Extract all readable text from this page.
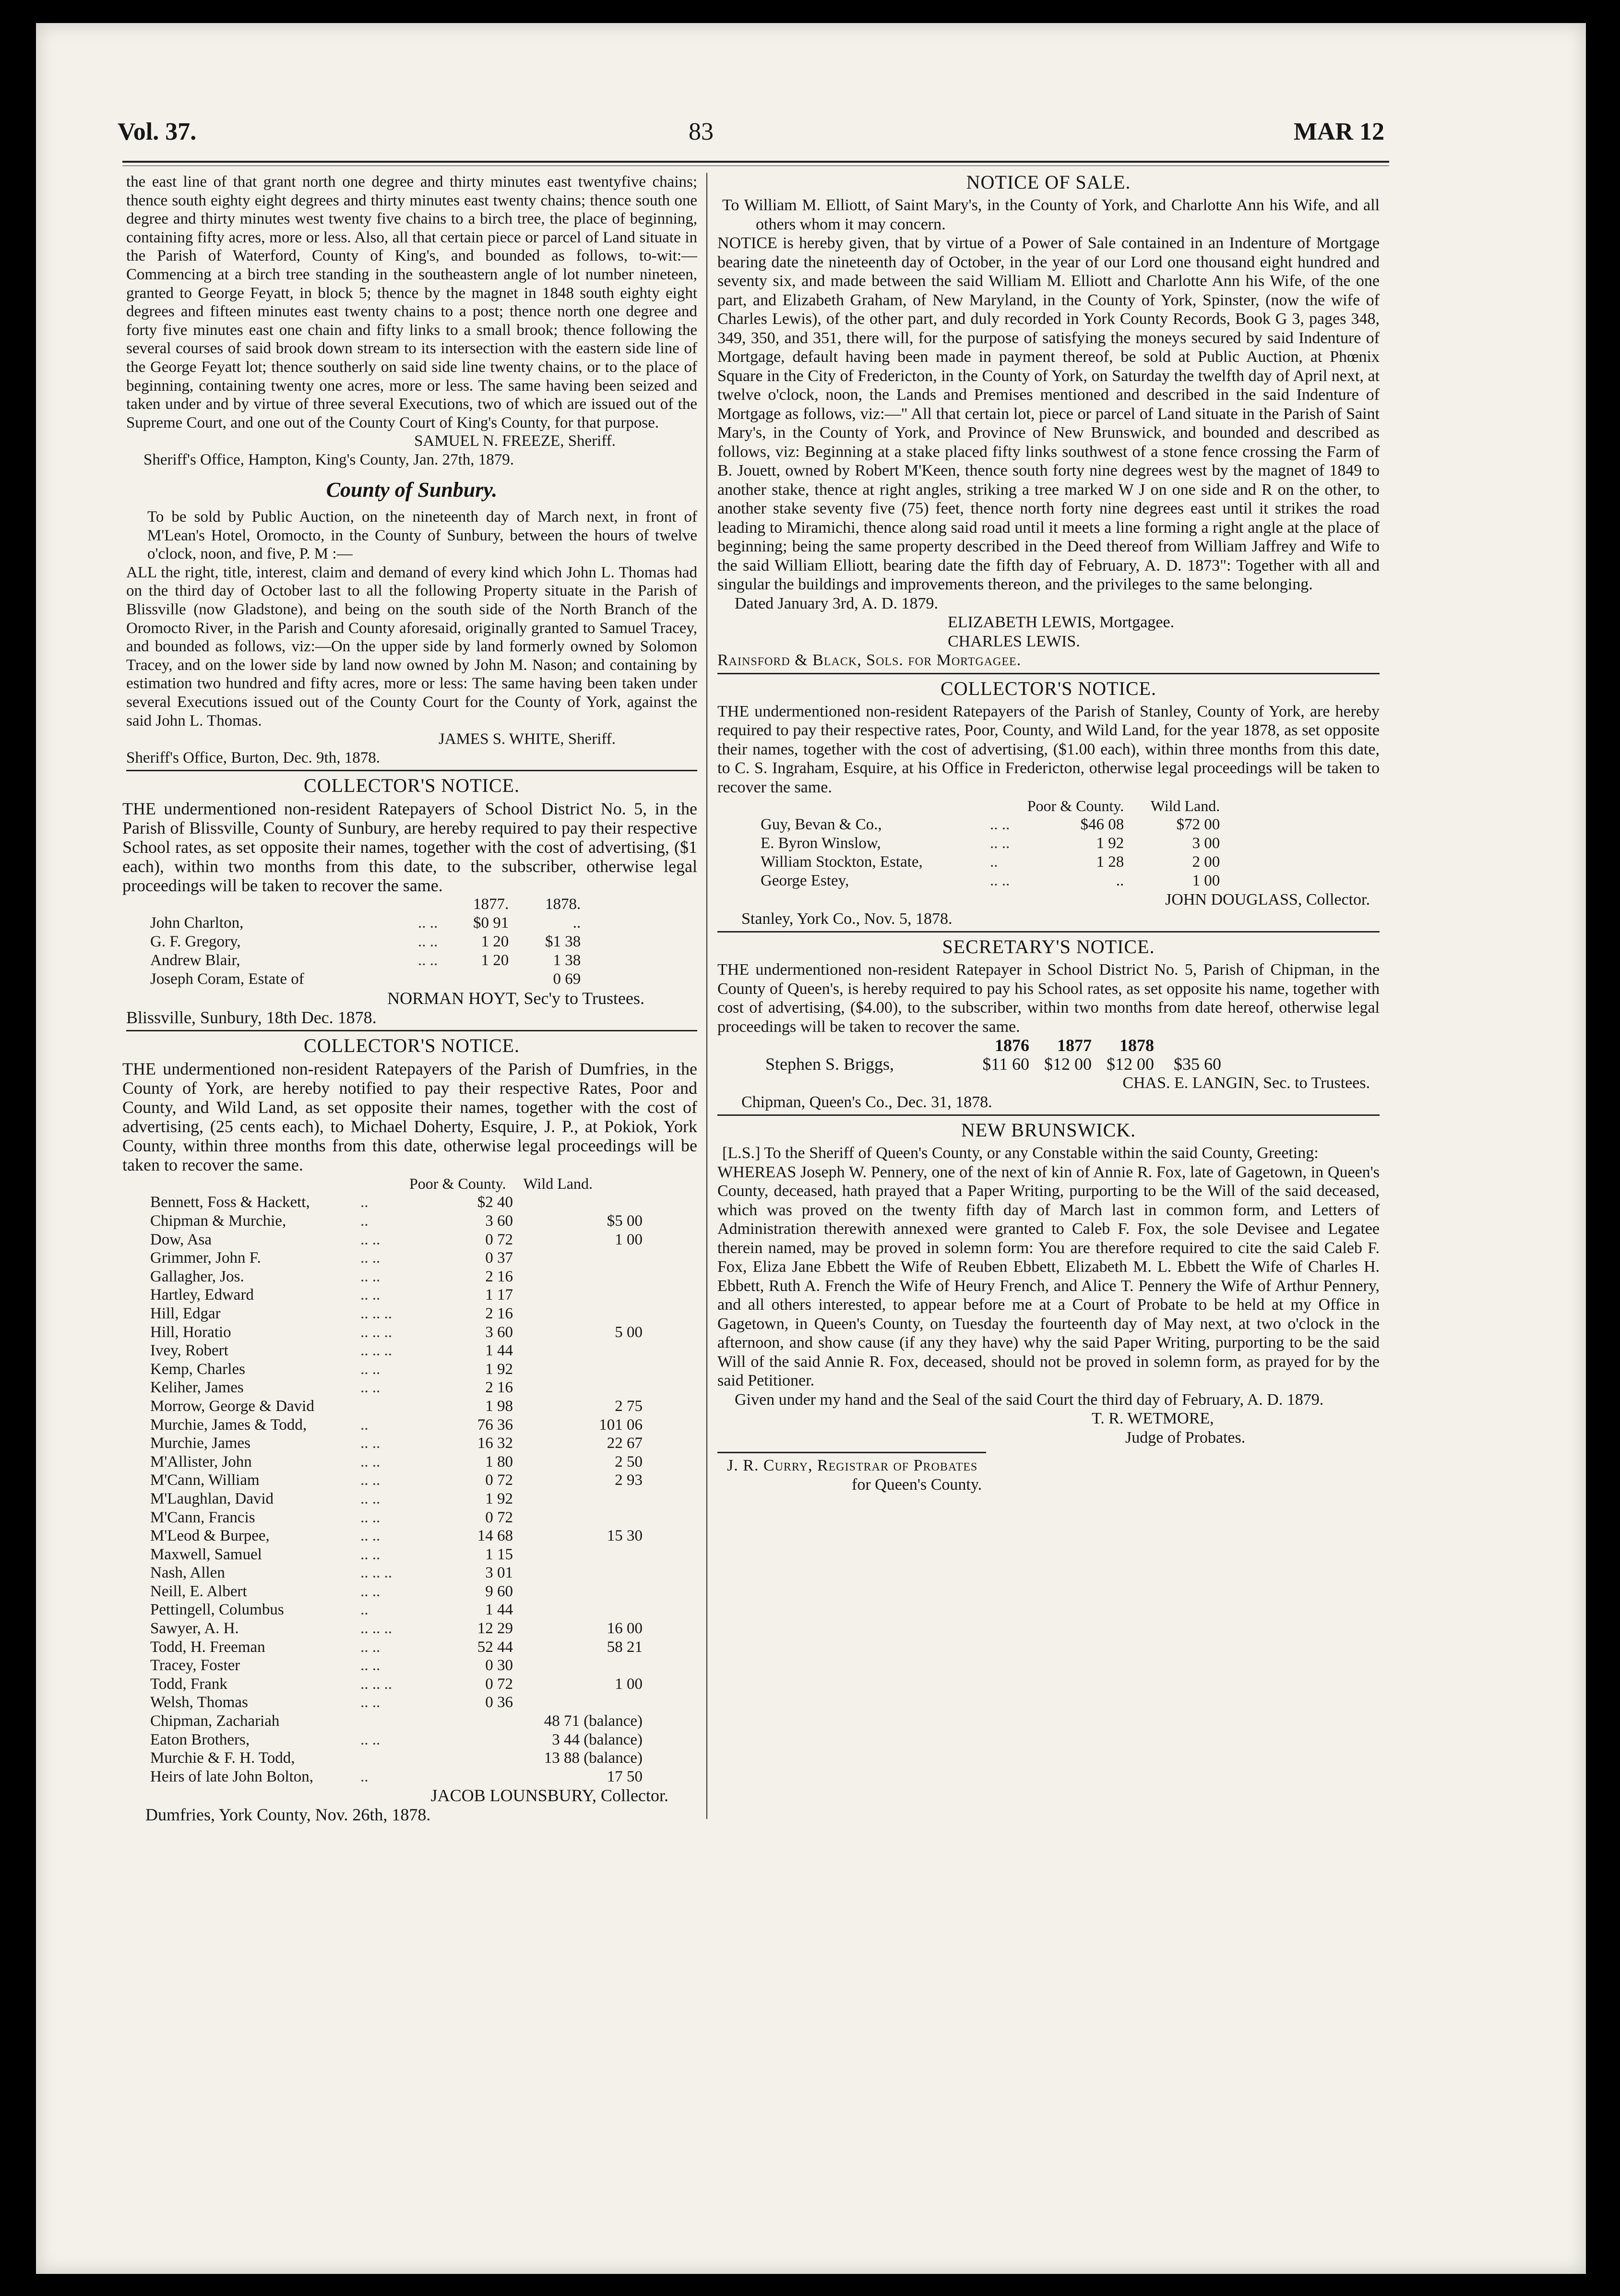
Vol. 37.	83	MAR 12

the east line of that grant north one degree and thirty minutes east twentyfive chains; thence south eighty eight degrees and thirty minutes east twenty chains; thence south one degree and thirty minutes west twenty five chains to a birch tree, the place of beginning, containing fifty acres, more or less. Also, all that certain piece or parcel of Land situate in the Parish of Waterford, County of King's, and bounded as follows, to-wit:—Commencing at a birch tree standing in the southeastern angle of lot number nineteen, granted to George Feyatt, in block 5; thence by the magnet in 1848 south eighty eight degrees and fifteen minutes east twenty chains to a post; thence north one degree and forty five minutes east one chain and fifty links to a small brook; thence following the several courses of said brook down stream to its intersection with the eastern side line of the George Feyatt lot; thence southerly on said side line twenty chains, or to the place of beginning, containing twenty one acres, more or less. The same having been seized and taken under and by virtue of three several Executions, two of which are issued out of the Supreme Court, and one out of the County Court of King's County, for that purpose.

SAMUEL N. FREEZE, Sheriff.

Sheriff's Office, Hampton, King's County, Jan. 27th, 1879.

County of Sunbury.

To be sold by Public Auction, on the nineteenth day of March next, in front of M'Lean's Hotel, Oromocto, in the County of Sunbury, between the hours of twelve o'clock, noon, and five, P. M :—

ALL the right, title, interest, claim and demand of every kind which John L. Thomas had on the third day of October last to all the following Property situate in the Parish of Blissville (now Gladstone), and being on the south side of the North Branch of the Oromocto River, in the Parish and County aforesaid, originally granted to Samuel Tracey, and bounded as follows, viz:—On the upper side by land formerly owned by Solomon Tracey, and on the lower side by land now owned by John M. Nason; and containing by estimation two hundred and fifty acres, more or less: The same having been taken under several Executions issued out of the County Court for the County of York, against the said John L. Thomas.

JAMES S. WHITE, Sheriff.

Sheriff's Office, Burton, Dec. 9th, 1878.

COLLECTOR'S NOTICE.

THE undermentioned non-resident Ratepayers of School District No. 5, in the Parish of Blissville, County of Sunbury, are hereby required to pay their respective School rates, as set opposite their names, together with the cost of advertising, ($1 each), within two months from this date, to the subscriber, otherwise legal proceedings will be taken to recover the same.

		1877.	1878.
John Charlton,	.. ..	$0 91	..
G. F. Gregory,	.. ..	1 20	$1 38
Andrew Blair,	.. ..	1 20	1 38
Joseph Coram, Estate of			0 69

NORMAN HOYT, Sec'y to Trustees.

Blissville, Sunbury, 18th Dec. 1878.

COLLECTOR'S NOTICE.

THE undermentioned non-resident Ratepayers of the Parish of Dumfries, in the County of York, are hereby notified to pay their respective Rates, Poor and County, and Wild Land, as set opposite their names, together with the cost of advertising, (25 cents each), to Michael Doherty, Esquire, J. P., at Pokiok, York County, within three months from this date, otherwise legal proceedings will be taken to recover the same.

		Poor & County.	Wild Land.
Bennett, Foss & Hackett,	..	$2 40	
Chipman & Murchie,	..	3 60	$5 00
Dow, Asa	.. ..	0 72	1 00
Grimmer, John F.	.. ..	0 37	
Gallagher, Jos.	.. ..	2 16	
Hartley, Edward	.. ..	1 17	
Hill, Edgar	.. .. ..	2 16	
Hill, Horatio	.. .. ..	3 60	5 00
Ivey, Robert	.. .. ..	1 44	
Kemp, Charles	.. ..	1 92	
Keliher, James	.. ..	2 16	
Morrow, George & David		1 98	2 75
Murchie, James & Todd,	..	76 36	101 06
Murchie, James	.. ..	16 32	22 67
M'Allister, John	.. ..	1 80	2 50
M'Cann, William	.. ..	0 72	2 93
M'Laughlan, David	.. ..	1 92	
M'Cann, Francis	.. ..	0 72	
M'Leod & Burpee,	.. ..	14 68	15 30
Maxwell, Samuel	.. ..	1 15	
Nash, Allen	.. .. ..	3 01	
Neill, E. Albert	.. ..	9 60	
Pettingell, Columbus	..	1 44	
Sawyer, A. H.	.. .. ..	12 29	16 00
Todd, H. Freeman	.. ..	52 44	58 21
Tracey, Foster	.. ..	0 30	
Todd, Frank	.. .. ..	0 72	1 00
Welsh, Thomas	.. ..	0 36	
Chipman, Zachariah			48 71 (balance)
Eaton Brothers,	.. ..		3 44 (balance)
Murchie & F. H. Todd,			13 88 (balance)
Heirs of late John Bolton,	..		17 50

JACOB LOUNSBURY, Collector.

Dumfries, York County, Nov. 26th, 1878.

NOTICE OF SALE.

To William M. Elliott, of Saint Mary's, in the County of York, and Charlotte Ann his Wife, and all others whom it may concern.

NOTICE is hereby given, that by virtue of a Power of Sale contained in an Indenture of Mortgage bearing date the nineteenth day of October, in the year of our Lord one thousand eight hundred and seventy six, and made between the said William M. Elliott and Charlotte Ann his Wife, of the one part, and Elizabeth Graham, of New Maryland, in the County of York, Spinster, (now the wife of Charles Lewis), of the other part, and duly recorded in York County Records, Book G 3, pages 348, 349, 350, and 351, there will, for the purpose of satisfying the moneys secured by said Indenture of Mortgage, default having been made in payment thereof, be sold at Public Auction, at Phœnix Square in the City of Fredericton, in the County of York, on Saturday the twelfth day of April next, at twelve o'clock, noon, the Lands and Premises mentioned and described in the said Indenture of Mortgage as follows, viz:—" All that certain lot, piece or parcel of Land situate in the Parish of Saint Mary's, in the County of York, and Province of New Brunswick, and bounded and described as follows, viz: Beginning at a stake placed fifty links southwest of a stone fence crossing the Farm of B. Jouett, owned by Robert M'Keen, thence south forty nine degrees west by the magnet of 1849 to another stake, thence at right angles, striking a tree marked W J on one side and R on the other, to another stake seventy five (75) feet, thence north forty nine degrees east until it strikes the road leading to Miramichi, thence along said road until it meets a line forming a right angle at the place of beginning; being the same property described in the Deed thereof from William Jaffrey and Wife to the said William Elliott, bearing date the fifth day of February, A. D. 1873": Together with all and singular the buildings and improvements thereon, and the privileges to the same belonging.

Dated January 3rd, A. D. 1879.

ELIZABETH LEWIS, Mortgagee.

CHARLES LEWIS.

Rainsford & Black, Sols. for Mortgagee.

COLLECTOR'S NOTICE.

THE undermentioned non-resident Ratepayers of the Parish of Stanley, County of York, are hereby required to pay their respective rates, Poor, County, and Wild Land, for the year 1878, as set opposite their names, together with the cost of advertising, ($1.00 each), within three months from this date, to C. S. Ingraham, Esquire, at his Office in Fredericton, otherwise legal proceedings will be taken to recover the same.

		Poor & County.	Wild Land.
Guy, Bevan & Co.,	.. ..	$46 08	$72 00
E. Byron Winslow,	.. ..	1 92	3 00
William Stockton, Estate,	..	1 28	2 00
George Estey,	.. ..	..	1 00

JOHN DOUGLASS, Collector.

Stanley, York Co., Nov. 5, 1878.

SECRETARY'S NOTICE.

THE undermentioned non-resident Ratepayer in School District No. 5, Parish of Chipman, in the County of Queen's, is hereby required to pay his School rates, as set opposite his name, together with cost of advertising, ($4.00), to the subscriber, within two months from date hereof, otherwise legal proceedings will be taken to recover the same.

	1876	1877	1878	
Stephen S. Briggs,	$11 60	$12 00	$12 00	$35 60

CHAS. E. LANGIN, Sec. to Trustees.

Chipman, Queen's Co., Dec. 31, 1878.

NEW BRUNSWICK.

[L.S.] To the Sheriff of Queen's County, or any Constable within the said County, Greeting:

WHEREAS Joseph W. Pennery, one of the next of kin of Annie R. Fox, late of Gagetown, in Queen's County, deceased, hath prayed that a Paper Writing, purporting to be the Will of the said deceased, which was proved on the twenty fifth day of March last in common form, and Letters of Administration therewith annexed were granted to Caleb F. Fox, the sole Devisee and Legatee therein named, may be proved in solemn form: You are therefore required to cite the said Caleb F. Fox, Eliza Jane Ebbett the Wife of Reuben Ebbett, Elizabeth M. L. Ebbett the Wife of Charles H. Ebbett, Ruth A. French the Wife of Heury French, and Alice T. Pennery the Wife of Arthur Pennery, and all others interested, to appear before me at a Court of Probate to be held at my Office in Gagetown, in Queen's County, on Tuesday the fourteenth day of May next, at two o'clock in the afternoon, and show cause (if any they have) why the said Paper Writing, purporting to be the said Will of the said Annie R. Fox, deceased, should not be proved in solemn form, as prayed for by the said Petitioner.

Given under my hand and the Seal of the said Court the third day of February, A. D. 1879.

T. R. WETMORE,

Judge of Probates.

J. R. Curry, Registrar of Probates

for Queen's County.
